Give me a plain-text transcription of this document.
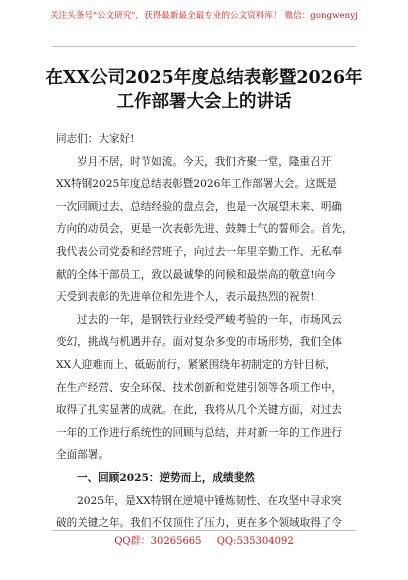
关注头条号"公文研究"，获得最新最全最专业的公文资料库！ 微信：gongwenyj
在XX公司2025年度总结表彰暨2026年
工作部署大会上的讲话
同志们：大家好!
岁月不居，时节如流。今天，我们齐聚一堂，隆重召开
XX特钢2025年度总结表彰暨2026年工作部署大会。这既是
一次回顾过去、总结经验的盘点会，也是一次展望未来、明确
方向的动员会，更是一次表彰先进、鼓舞士气的誓师会。首先，
我代表公司党委和经营班子，向过去一年里辛勤工作、无私奉
献的全体干部员工，致以最诚挚的问候和最崇高的敬意!向今
天受到表彰的先进单位和先进个人，表示最热烈的祝贺!
过去的一年，是钢铁行业经受严峻考验的一年，市场风云
变幻，挑战与机遇并存。面对复杂多变的市场形势，我们全体
XX人迎难而上、砥砺前行，紧紧围绕年初制定的方针目标，
在生产经营、安全环保、技术创新和党建引领等各项工作中，
取得了扎实显著的成就。在此，我将从几个关键方面，对过去
一年的工作进行系统性的回顾与总结，并对新一年的工作进行
全面部署。
一、回顾2025：逆势而上，成绩斐然
2025年，是XX特钢在逆境中锤炼韧性、在攻坚中寻求突
破的关键之年。我们不仅顶住了压力，更在多个领域取得了令
QQ群：30265665 QQ:535304092
